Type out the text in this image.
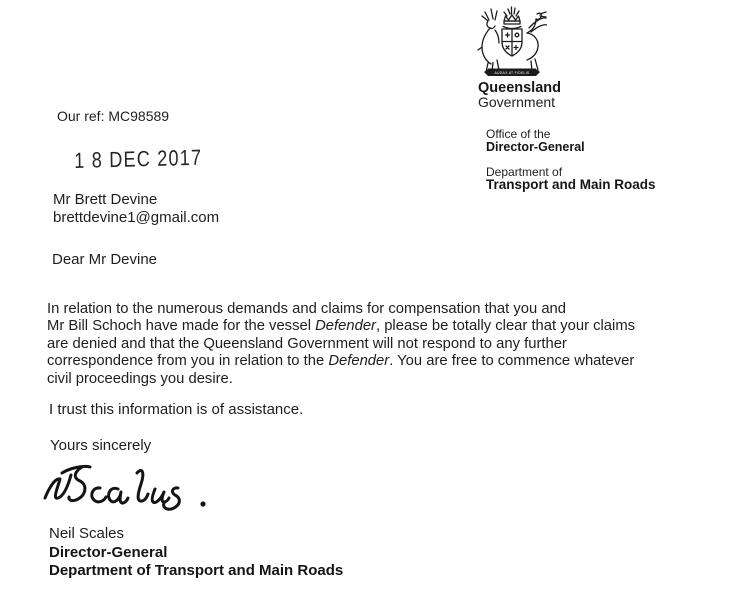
AUDAX AT FIDELIS
Queensland
Government
Office of the
Director-General
Department of
Transport and Main Roads
Our ref: MC98589
1 8 DEC 2017
Mr Brett Devine
brettdevine1@gmail.com
Dear Mr Devine
In relation to the numerous demands and claims for compensation that you and
Mr Bill Schoch have made for the vessel Defender, please be totally clear that your claims
are denied and that the Queensland Government will not respond to any further
correspondence from you in relation to the Defender. You are free to commence whatever
civil proceedings you desire.
I trust this information is of assistance.
Yours sincerely
Neil Scales
Director-General
Department of Transport and Main Roads
